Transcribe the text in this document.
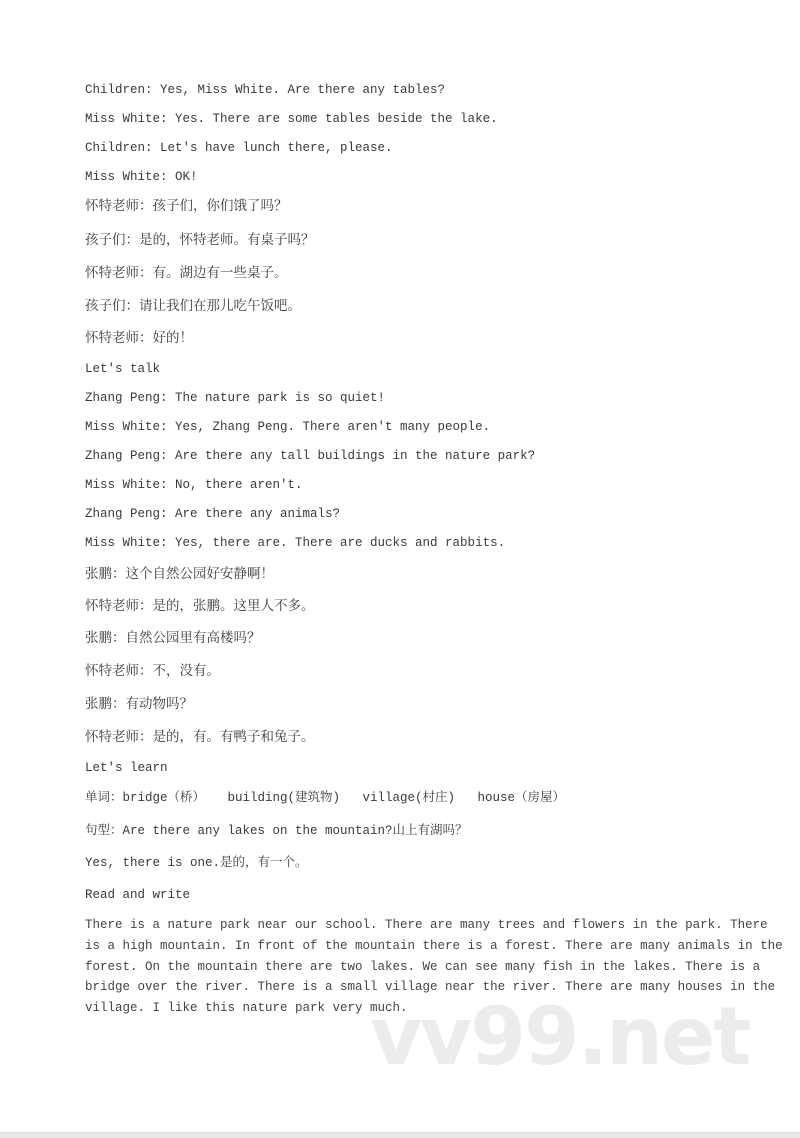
Children: Yes, Miss White. Are there any tables?
Miss White: Yes. There are some tables beside the lake.
Children: Let's have lunch there, please.
Miss White: OK!
怀特老师：孩子们，你们饿了吗？
孩子们：是的，怀特老师。有桌子吗？
怀特老师：有。湖边有一些桌子。
孩子们：请让我们在那儿吃午饭吧。
怀特老师：好的！
Let's talk
Zhang Peng: The nature park is so quiet!
Miss White: Yes, Zhang Peng. There aren't many people.
Zhang Peng: Are there any tall buildings in the nature park?
Miss White: No, there aren't.
Zhang Peng: Are there any animals?
Miss White: Yes, there are. There are ducks and rabbits.
张鹏：这个自然公园好安静啊！
怀特老师：是的，张鹏。这里人不多。
张鹏：自然公园里有高楼吗？
怀特老师：不，没有。
张鹏：有动物吗？
怀特老师：是的，有。有鸭子和兔子。
Let's learn
单词：bridge（桥）   building(建筑物)   village(村庄)   house（房屋）
句型：Are there any lakes on the mountain?山上有湖吗？
Yes, there is one.是的，有一个。
Read and write
There is a nature park near our school. There are many trees and flowers in the park. There is a high mountain. In front of the mountain there is a forest. There are many animals in the forest. On the mountain there are two lakes. We can see many fish in the lakes. There is a bridge over the river. There is a small village near the river. There are many houses in the village. I like this nature park very much.
vv99.net
